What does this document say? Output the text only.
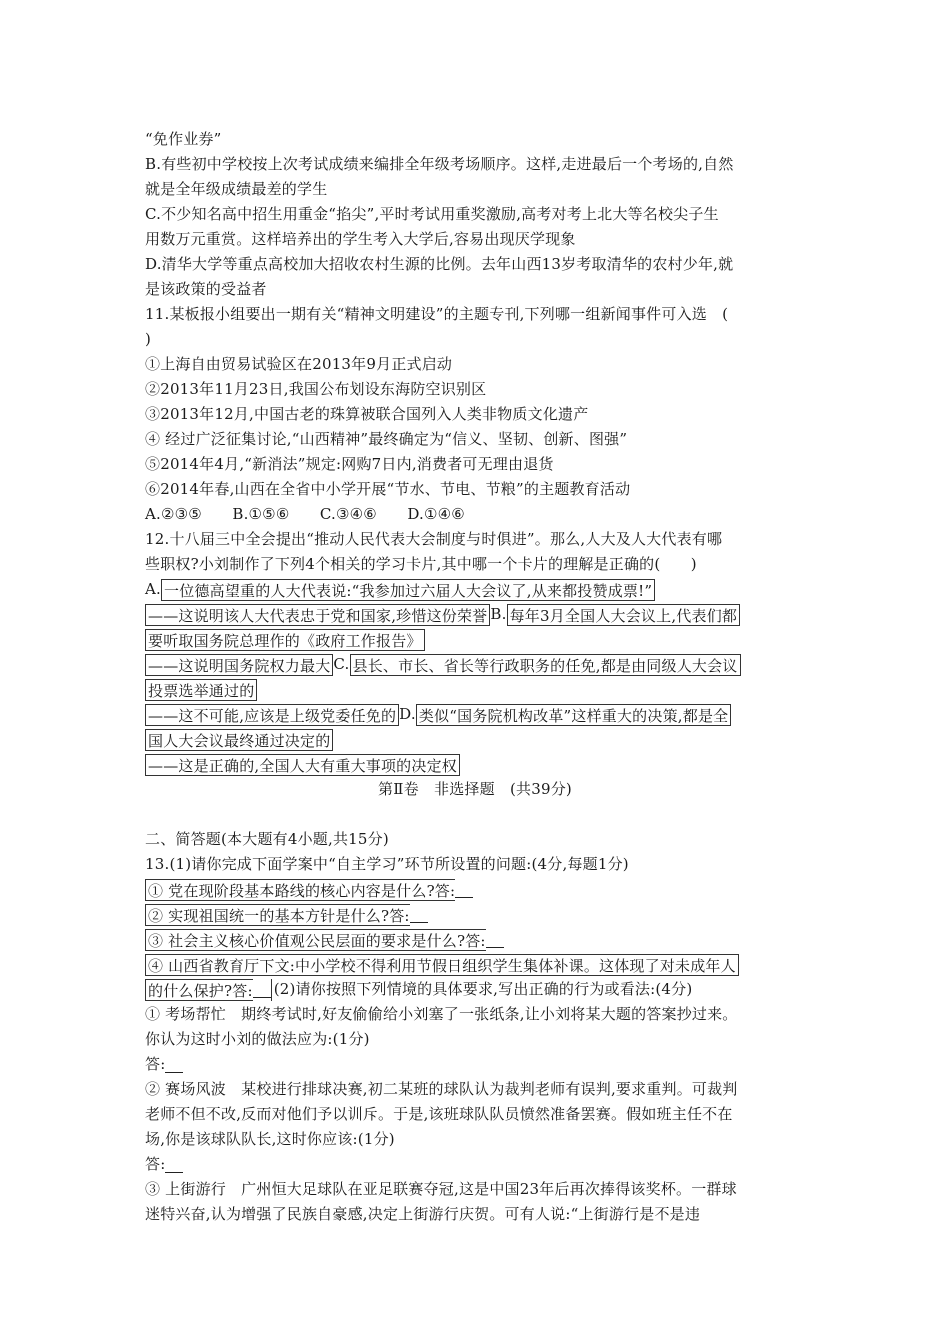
“免作业券”
B.有些初中学校按上次考试成绩来编排全年级考场顺序。这样,走进最后一个考场的,自然
就是全年级成绩最差的学生
C.不少知名高中招生用重金“掐尖”,平时考试用重奖激励,高考对考上北大等名校尖子生
用数万元重赏。这样培养出的学生考入大学后,容易出现厌学现象
D.清华大学等重点高校加大招收农村生源的比例。去年山西13岁考取清华的农村少年,就
是该政策的受益者
11.某板报小组要出一期有关“精神文明建设”的主题专刊,下列哪一组新闻事件可入选　(
)
①上海自由贸易试验区在2013年9月正式启动
②2013年11月23日,我国公布划设东海防空识别区
③2013年12月,中国古老的珠算被联合国列入人类非物质文化遗产
④ 经过广泛征集讨论,“山西精神”最终确定为“信义、坚韧、创新、图强”
⑤2014年4月,“新消法”规定:网购7日内,消费者可无理由退货
⑥2014年春,山西在全省中小学开展“节水、节电、节粮”的主题教育活动
A.②③⑤　　B.①⑤⑥　　C.③④⑥　　D.①④⑥
12.十八届三中全会提出“推动人民代表大会制度与时俱进”。那么,人大及人大代表有哪
些职权?小刘制作了下列4个相关的学习卡片,其中哪一个卡片的理解是正确的(　　)
A. 一位德高望重的人大代表说:“我参加过六届人大会议了,从来都投赞成票!”
——这说明该人大代表忠于党和国家,珍惜这份荣誉 B. 每年3月全国人大会议上,代表们都
要听取国务院总理作的《政府工作报告》
——这说明国务院权力最大 C. 县长、市长、省长等行政职务的任免,都是由同级人大会议
投票选举通过的
——这不可能,应该是上级党委任免的 D. 类似“国务院机构改革”这样重大的决策,都是全
国人大会议最终通过决定的
——这是正确的,全国人大有重大事项的决定权
第Ⅱ卷　非选择题　(共39分)
二、简答题(本大题有4小题,共15分)
13.(1)请你完成下面学案中“自主学习”环节所设置的问题:(4分,每题1分)
① 党在现阶段基本路线的核心内容是什么?答:
② 实现祖国统一的基本方针是什么?答:
③ 社会主义核心价值观公民层面的要求是什么?答:
④ 山西省教育厅下文:中小学校不得利用节假日组织学生集体补课。这体现了对未成年人
的什么保护?答: (2)请你按照下列情境的具体要求,写出正确的行为或看法:(4分)
① 考场帮忙　期终考试时,好友偷偷给小刘塞了一张纸条,让小刘将某大题的答案抄过来。
你认为这时小刘的做法应为:(1分)
答:
② 赛场风波　某校进行排球决赛,初二某班的球队认为裁判老师有误判,要求重判。可裁判
老师不但不改,反而对他们予以训斥。于是,该班球队队员愤然准备罢赛。假如班主任不在
场,你是该球队队长,这时你应该:(1分)
答:
③ 上街游行　广州恒大足球队在亚足联赛夺冠,这是中国23年后再次捧得该奖杯。一群球
迷特兴奋,认为增强了民族自豪感,决定上街游行庆贺。可有人说:“上街游行是不是违
